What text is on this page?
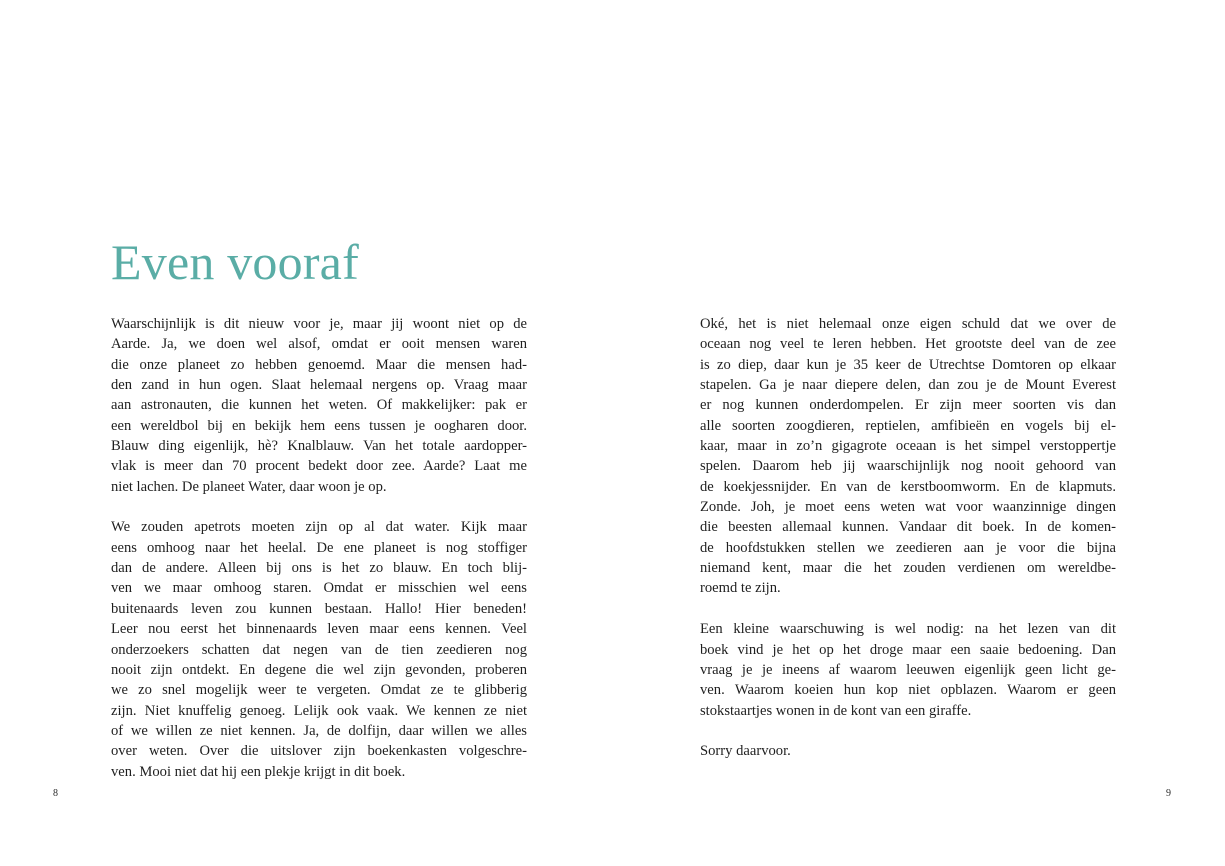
Even vooraf

Waarschijnlijk is dit nieuw voor je, maar jij woont niet op de
Aarde. Ja, we doen wel alsof, omdat er ooit mensen waren
die onze planeet zo hebben genoemd. Maar die mensen had-
den zand in hun ogen. Slaat helemaal nergens op. Vraag maar
aan astronauten, die kunnen het weten. Of makkelijker: pak er
een wereldbol bij en bekijk hem eens tussen je oogharen door.
Blauw ding eigenlijk, hè? Knalblauw. Van het totale aardopper-
vlak is meer dan 70 procent bedekt door zee. Aarde? Laat me
niet lachen. De planeet Water, daar woon je op.

We zouden apetrots moeten zijn op al dat water. Kijk maar
eens omhoog naar het heelal. De ene planeet is nog stoffiger
dan de andere. Alleen bij ons is het zo blauw. En toch blij-
ven we maar omhoog staren. Omdat er misschien wel eens
buitenaards leven zou kunnen bestaan. Hallo! Hier beneden!
Leer nou eerst het binnenaards leven maar eens kennen. Veel
onderzoekers schatten dat negen van de tien zeedieren nog
nooit zijn ontdekt. En degene die wel zijn gevonden, proberen
we zo snel mogelijk weer te vergeten. Omdat ze te glibberig
zijn. Niet knuffelig genoeg. Lelijk ook vaak. We kennen ze niet
of we willen ze niet kennen. Ja, de dolfijn, daar willen we alles
over weten. Over die uitslover zijn boekenkasten volgeschre-
ven. Mooi niet dat hij een plekje krijgt in dit boek.

8

Oké, het is niet helemaal onze eigen schuld dat we over de
oceaan nog veel te leren hebben. Het grootste deel van de zee
is zo diep, daar kun je 35 keer de Utrechtse Domtoren op elkaar
stapelen. Ga je naar diepere delen, dan zou je de Mount Everest
er nog kunnen onderdompelen. Er zijn meer soorten vis dan
alle soorten zoogdieren, reptielen, amfibieën en vogels bij el-
kaar, maar in zo’n gigagrote oceaan is het simpel verstoppertje
spelen. Daarom heb jij waarschijnlijk nog nooit gehoord van
de koekjessnijder. En van de kerstboomworm. En de klapmuts.
Zonde. Joh, je moet eens weten wat voor waanzinnige dingen
die beesten allemaal kunnen. Vandaar dit boek. In de komen-
de hoofdstukken stellen we zeedieren aan je voor die bijna
niemand kent, maar die het zouden verdienen om wereldbe-
roemd te zijn.

Een kleine waarschuwing is wel nodig: na het lezen van dit
boek vind je het op het droge maar een saaie bedoening. Dan
vraag je je ineens af waarom leeuwen eigenlijk geen licht ge-
ven. Waarom koeien hun kop niet opblazen. Waarom er geen
stokstaartjes wonen in de kont van een giraffe.

Sorry daarvoor.

9
